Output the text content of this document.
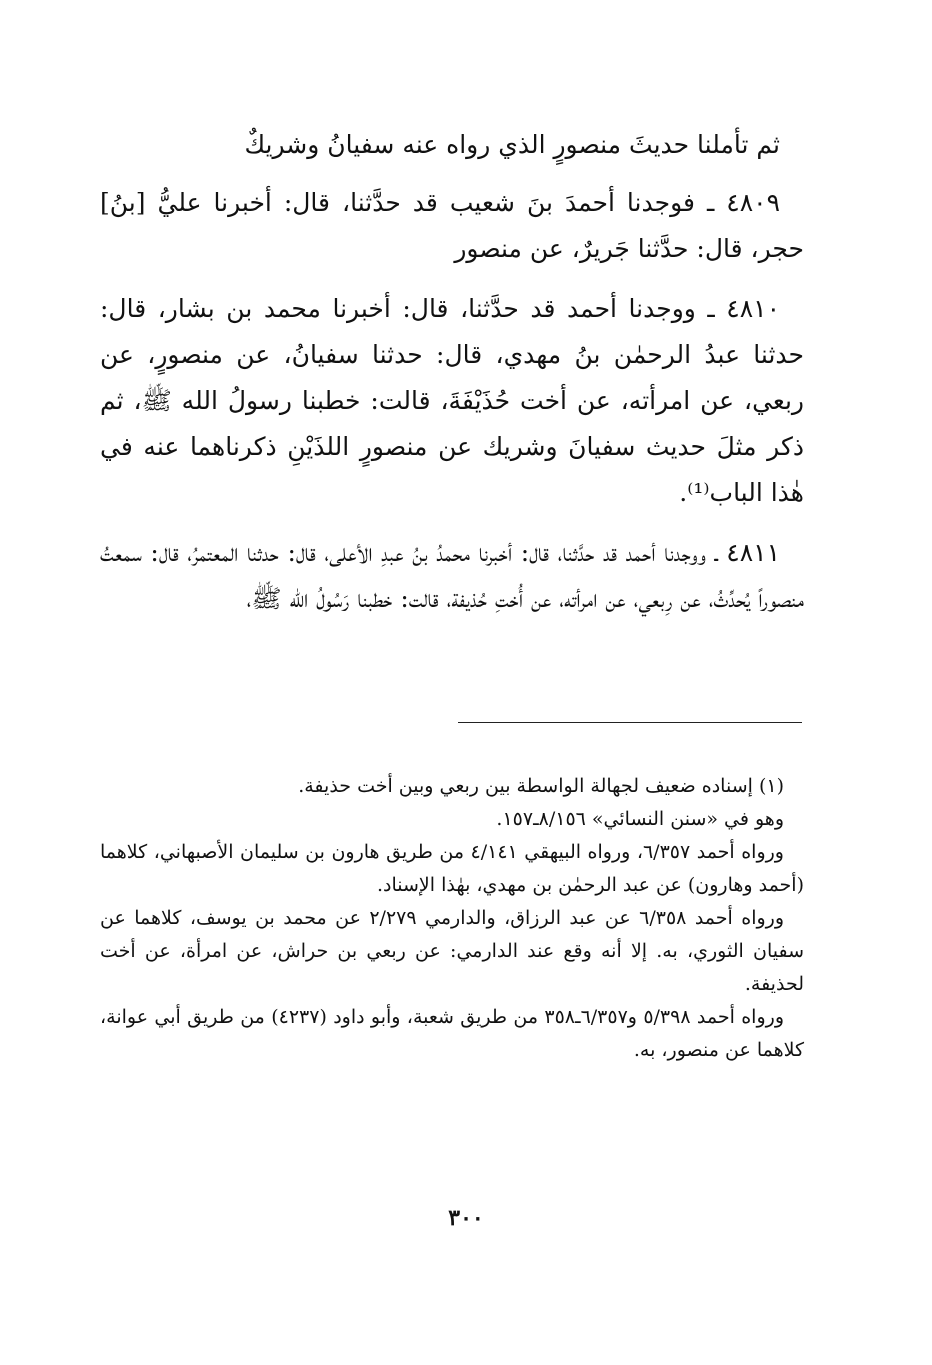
ثم تأملنا حديثَ منصورٍ الذي رواه عنه سفيانُ وشريكٌ

٤٨٠٩ ـ فوجدنا أحمدَ بنَ شعيب قد حدَّثنا، قال: أخبرنا عليُّ [بنُ] حجر، قال: حدَّثنا جَريرٌ، عن منصور

٤٨١٠ ـ ووجدنا أحمد قد حدَّثنا، قال: أخبرنا محمد بن بشار، قال: حدثنا عبدُ الرحمٰن بنُ مهدي، قال: حدثنا سفيانُ، عن منصورٍ، عن ربعي، عن امرأته، عن أخت حُذَيْفَةَ، قالت: خطبنا رسولُ الله ﷺ، ثم ذكر مثلَ حديث سفيانَ وشريك عن منصورٍ اللذَيْنِ ذكرناهما عنه في هٰذا الباب⁽¹⁾.

٤٨١١ ـ ووجدنا أحمد قد حدَّثنا، قال: أخبرنا محمدُ بنُ عبدِ الأعلى، قال: حدثنا المعتمرُ، قال: سمعتُ منصوراً يُحدِّثُ، عن رِبعي، عن امرأته، عن أُختِ حُذيفة، قالت: خطبنا رَسُولُ الله ﷺ،

(١) إسناده ضعيف لجهالة الواسطة بين ربعي وبين أخت حذيفة.

وهو في «سنن النسائي» ٨/١٥٦ـ١٥٧.

ورواه أحمد ٦/٣٥٧، ورواه البيهقي ٤/١٤١ من طريق هارون بن سليمان الأصبهاني، كلاهما (أحمد وهارون) عن عبد الرحمٰن بن مهدي، بهٰذا الإسناد.

ورواه أحمد ٦/٣٥٨ عن عبد الرزاق، والدارمي ٢/٢٧٩ عن محمد بن يوسف، كلاهما عن سفيان الثوري، به. إلا أنه وقع عند الدارمي: عن ربعي بن حراش، عن امرأة، عن أخت لحذيفة.

ورواه أحمد ٥/٣٩٨ و٦/٣٥٧ـ٣٥٨ من طريق شعبة، وأبو داود (٤٢٣٧) من طريق أبي عوانة، كلاهما عن منصور، به.

٣٠٠
